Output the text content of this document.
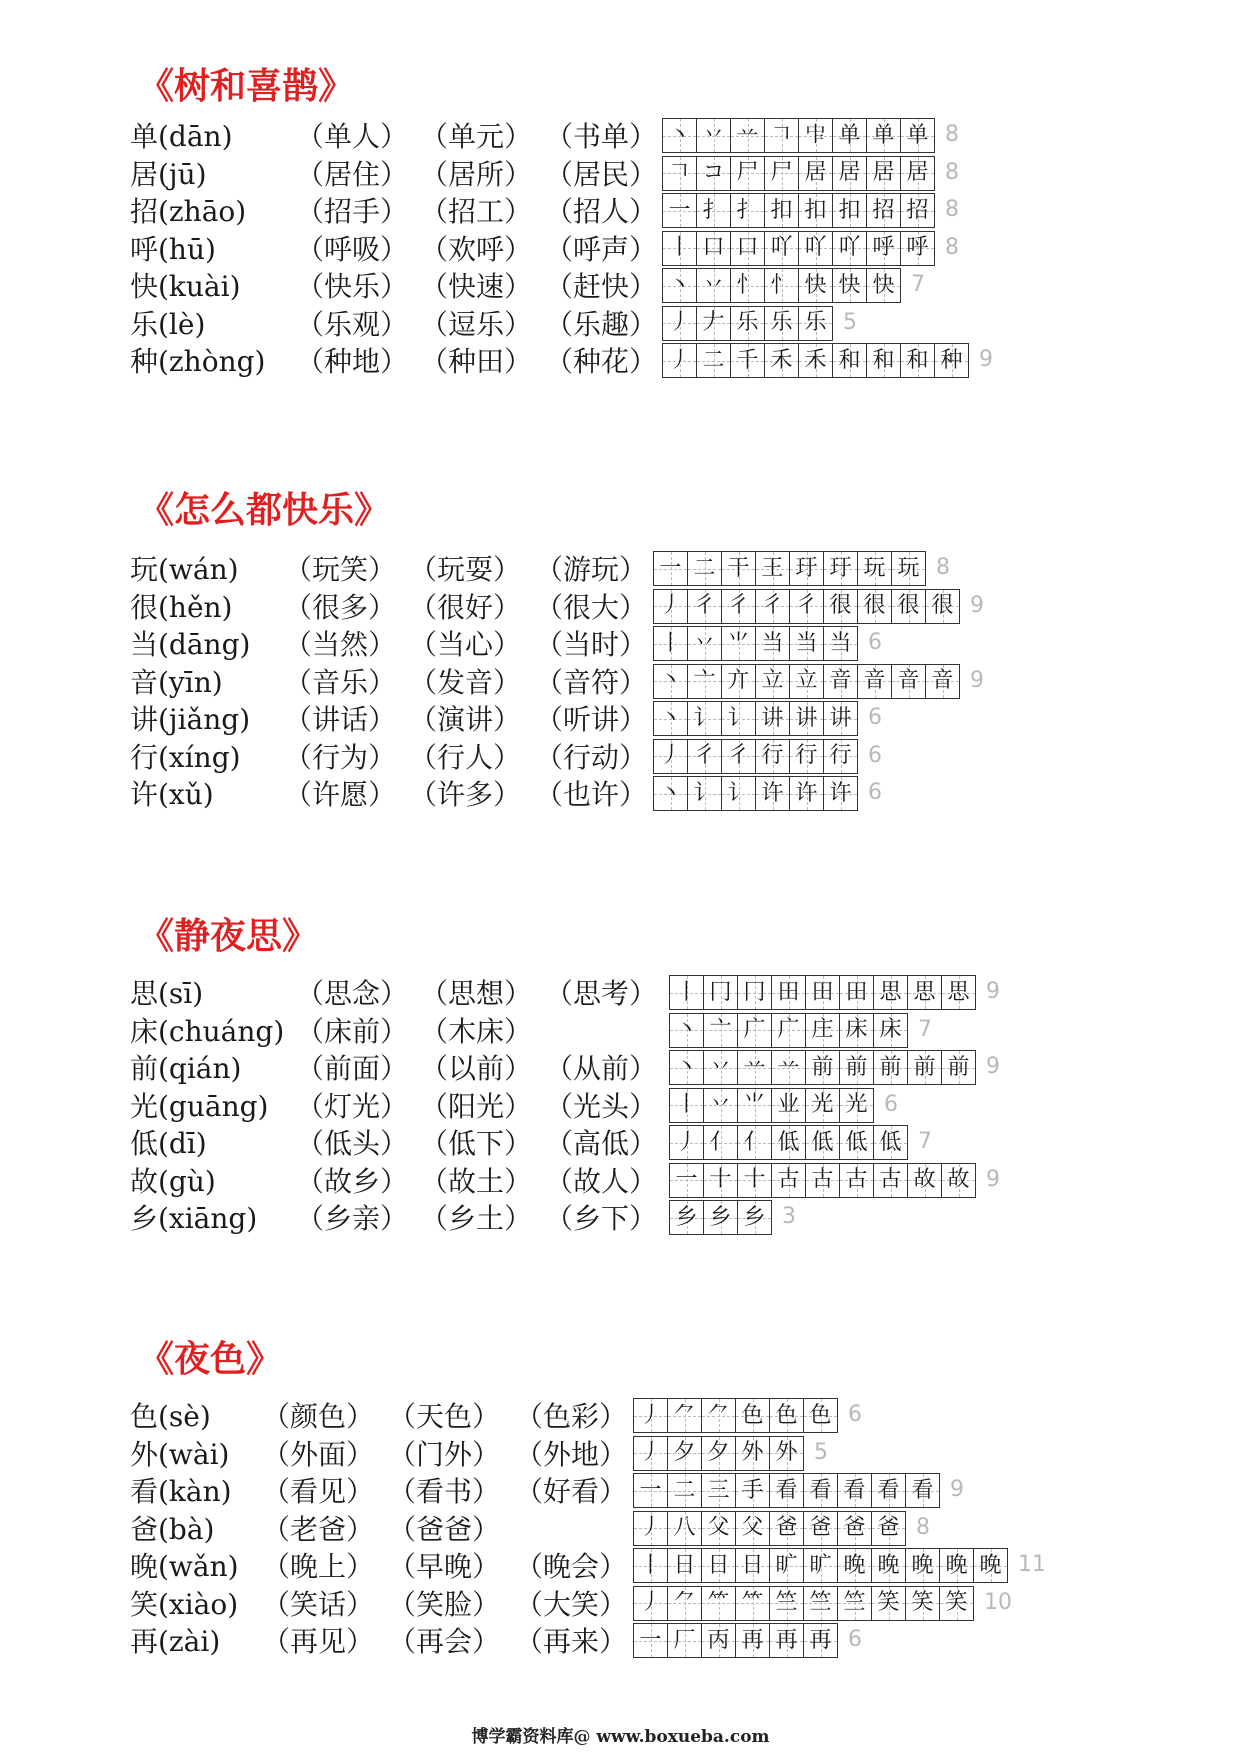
《树和喜鹊》
单(dān) （单人） （单元） （书单） 丶 丷 䒑 𠃍 𠁦 单 单 单 8
居(jū)	（居住） （居所） （居民） 𠃍 コ 尸 尸 居 居 居 居 8
招(zhāo) （招手） （招工） （招人） 一 扌 扌 扣 扣 扣 招 招 8
呼(hū)	（呼吸） （欢呼） （呼声） 丨 口 口 吖 吖 吖 呼 呼 8
快(kuài) （快乐） （快速） （赶快） 丶 丷 忄 忄 快 快 快 7
乐(lè)	（乐观） （逗乐） （乐趣） 丿 𠂇 乐 乐 乐 5
种(zhòng) （种地） （种田） （种花） 丿 二 千 禾 禾 和 和 和 种 9
《怎么都快乐》
玩(wán) （玩笑） （玩耍） （游玩） 一 二 干 王 玗 玗 玩 玩 8
很(hěn) （很多） （很好） （很大） 丿 彳 彳 彳 彳 很 很 很 很 9
当(dāng) （当然） （当心） （当时） 丨 丷 ⺌ 当 当 当 6
音(yīn) （音乐） （发音） （音符） 丶 亠 亣 立 立 音 音 音 音 9
讲(jiǎng) （讲话） （演讲） （听讲） 丶 讠 讠 讲 讲 讲 6
行(xíng) （行为） （行人） （行动） 丿 彳 彳 行 行 行 6
许(xǔ)	（许愿） （许多） （也许） 丶 讠 讠 许 许 许 6
《静夜思》
思(sī)	（思念） （思想） （思考） 丨 冂 冂 田 田 田 思 思 思 9
床(chuáng) （床前） （木床）	丶 亠 广 广 庄 床 床 7
前(qián) （前面） （以前） （从前） 丶 丷 䒑 䒑 前 前 前 前 前 9
光(guāng) （灯光） （阳光） （光头） 丨 丷 ⺌ 业 光 光 6
低(dī)	（低头） （低下） （高低） 丿 亻 亻 低 低 低 低 7
故(gù)	（故乡） （故土） （故人） 一 十 十 古 古 古 古 故 故 9
乡(xiāng) （乡亲） （乡土） （乡下） 乡 乡 乡 3
《夜色》
色(sè) （颜色） （天色） （色彩） 丿 ⺈ ⺈ 色 色 色 6
外(wài) （外面） （门外） （外地） 丿 夕 夕 外 外 5
看(kàn) （看见） （看书） （好看） 一 二 三 手 看 看 看 看 看 9
爸(bà) （老爸） （爸爸）	丿 八 父 父 爸 爸 爸 爸 8
晚(wǎn) （晚上） （早晚） （晚会） 丨 日 日 日 旷 旷 晚 晚 晚 晚 晚 11
笑(xiào) （笑话） （笑脸） （大笑） 丿 ⺈ ⺮ ⺮ 竺 竺 竺 笑 笑 笑 10
再(zài) （再见） （再会） （再来） 一 厂 丙 再 再 再 6
博学霸资料库@ www.boxueba.com
